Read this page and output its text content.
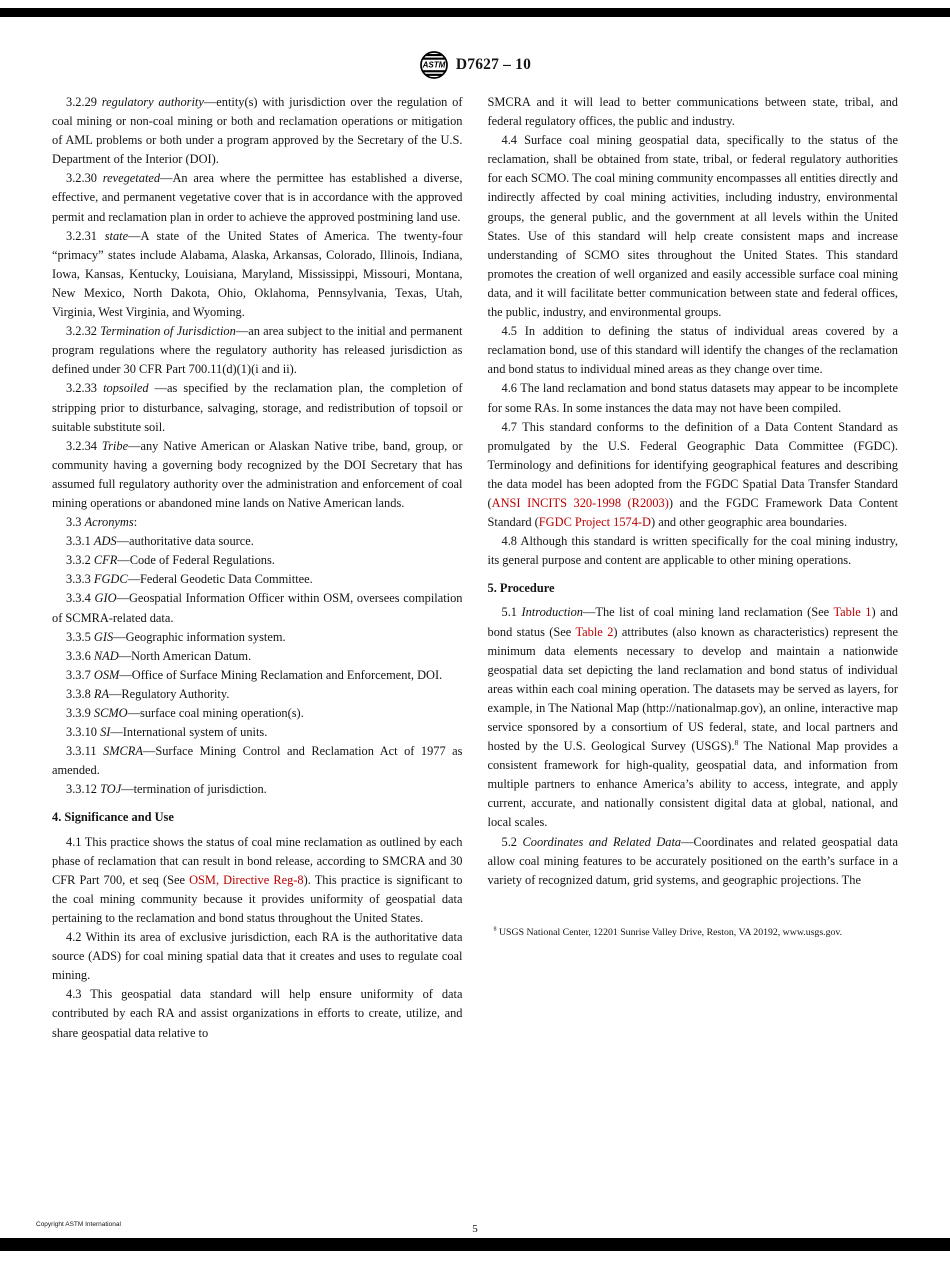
ASTM D7627 – 10

3.2.29 regulatory authority—entity(s) with jurisdiction over the regulation of coal mining or non-coal mining or both and reclamation operations or mitigation of AML problems or both under a program approved by the Secretary of the U.S. Department of the Interior (DOI).

3.2.30 revegetated—An area where the permittee has established a diverse, effective, and permanent vegetative cover that is in accordance with the approved permit and reclamation plan in order to achieve the approved postmining land use.

3.2.31 state—A state of the United States of America. The twenty-four “primacy” states include Alabama, Alaska, Arkansas, Colorado, Illinois, Indiana, Iowa, Kansas, Kentucky, Louisiana, Maryland, Mississippi, Missouri, Montana, New Mexico, North Dakota, Ohio, Oklahoma, Pennsylvania, Texas, Utah, Virginia, West Virginia, and Wyoming.

3.2.32 Termination of Jurisdiction—an area subject to the initial and permanent program regulations where the regulatory authority has released jurisdiction as defined under 30 CFR Part 700.11(d)(1)(i and ii).

3.2.33 topsoiled —as specified by the reclamation plan, the completion of stripping prior to disturbance, salvaging, storage, and redistribution of topsoil or suitable substitute soil.

3.2.34 Tribe—any Native American or Alaskan Native tribe, band, group, or community having a governing body recognized by the DOI Secretary that has assumed full regulatory authority over the administration and enforcement of coal mining operations or abandoned mine lands on Native American lands.

3.3 Acronyms:

3.3.1 ADS—authoritative data source.

3.3.2 CFR—Code of Federal Regulations.

3.3.3 FGDC—Federal Geodetic Data Committee.

3.3.4 GIO—Geospatial Information Officer within OSM, oversees compilation of SCMRA-related data.

3.3.5 GIS—Geographic information system.

3.3.6 NAD—North American Datum.

3.3.7 OSM—Office of Surface Mining Reclamation and Enforcement, DOI.

3.3.8 RA—Regulatory Authority.

3.3.9 SCMO—surface coal mining operation(s).

3.3.10 SI—International system of units.

3.3.11 SMCRA—Surface Mining Control and Reclamation Act of 1977 as amended.

3.3.12 TOJ—termination of jurisdiction.

4. Significance and Use

4.1 This practice shows the status of coal mine reclamation as outlined by each phase of reclamation that can result in bond release, according to SMCRA and 30 CFR Part 700, et seq (See OSM, Directive Reg-8). This practice is significant to the coal mining community because it provides uniformity of geospatial data pertaining to the reclamation and bond status throughout the United States.

4.2 Within its area of exclusive jurisdiction, each RA is the authoritative data source (ADS) for coal mining spatial data that it creates and uses to regulate coal mining.

4.3 This geospatial data standard will help ensure uniformity of data contributed by each RA and assist organizations in efforts to create, utilize, and share geospatial data relative to

SMCRA and it will lead to better communications between state, tribal, and federal regulatory offices, the public and industry.

4.4 Surface coal mining geospatial data, specifically to the status of the reclamation, shall be obtained from state, tribal, or federal regulatory authorities for each SCMO. The coal mining community encompasses all entities directly and indirectly affected by coal mining activities, including industry, environmental groups, the general public, and the government at all levels within the United States. Use of this standard will help create consistent maps and increase understanding of SCMO sites throughout the United States. This standard promotes the creation of well organized and easily accessible surface coal mining data, and it will facilitate better communication between state and federal offices, the public, industry, and environmental groups.

4.5 In addition to defining the status of individual areas covered by a reclamation bond, use of this standard will identify the changes of the reclamation and bond status to individual mined areas as they change over time.

4.6 The land reclamation and bond status datasets may appear to be incomplete for some RAs. In some instances the data may not have been compiled.

4.7 This standard conforms to the definition of a Data Content Standard as promulgated by the U.S. Federal Geographic Data Committee (FGDC). Terminology and definitions for identifying geographical features and describing the data model has been adopted from the FGDC Spatial Data Transfer Standard (ANSI INCITS 320-1998 (R2003)) and the FGDC Framework Data Content Standard (FGDC Project 1574-D) and other geographic area boundaries.

4.8 Although this standard is written specifically for the coal mining industry, its general purpose and content are applicable to other mining operations.

5. Procedure

5.1 Introduction—The list of coal mining land reclamation (See Table 1) and bond status (See Table 2) attributes (also known as characteristics) represent the minimum data elements necessary to develop and maintain a nationwide geospatial data set depicting the land reclamation and bond status of individual areas within each coal mining operation. The datasets may be served as layers, for example, in The National Map (http://nationalmap.gov), an online, interactive map service sponsored by a consortium of US federal, state, and local partners and hosted by the U.S. Geological Survey (USGS).$^8$ The National Map provides a consistent framework for high-quality, geospatial data, and information from multiple partners to enhance America’s ability to access, integrate, and apply current, accurate, and nationally consistent digital data at global, national, and local scales.

5.2 Coordinates and Related Data—Coordinates and related geospatial data allow coal mining features to be accurately positioned on the earth’s surface in a variety of recognized datum, grid systems, and geographic projections. The

$^8$ USGS National Center, 12201 Sunrise Valley Drive, Reston, VA 20192, www.usgs.gov.

Copyright ASTM International	5
